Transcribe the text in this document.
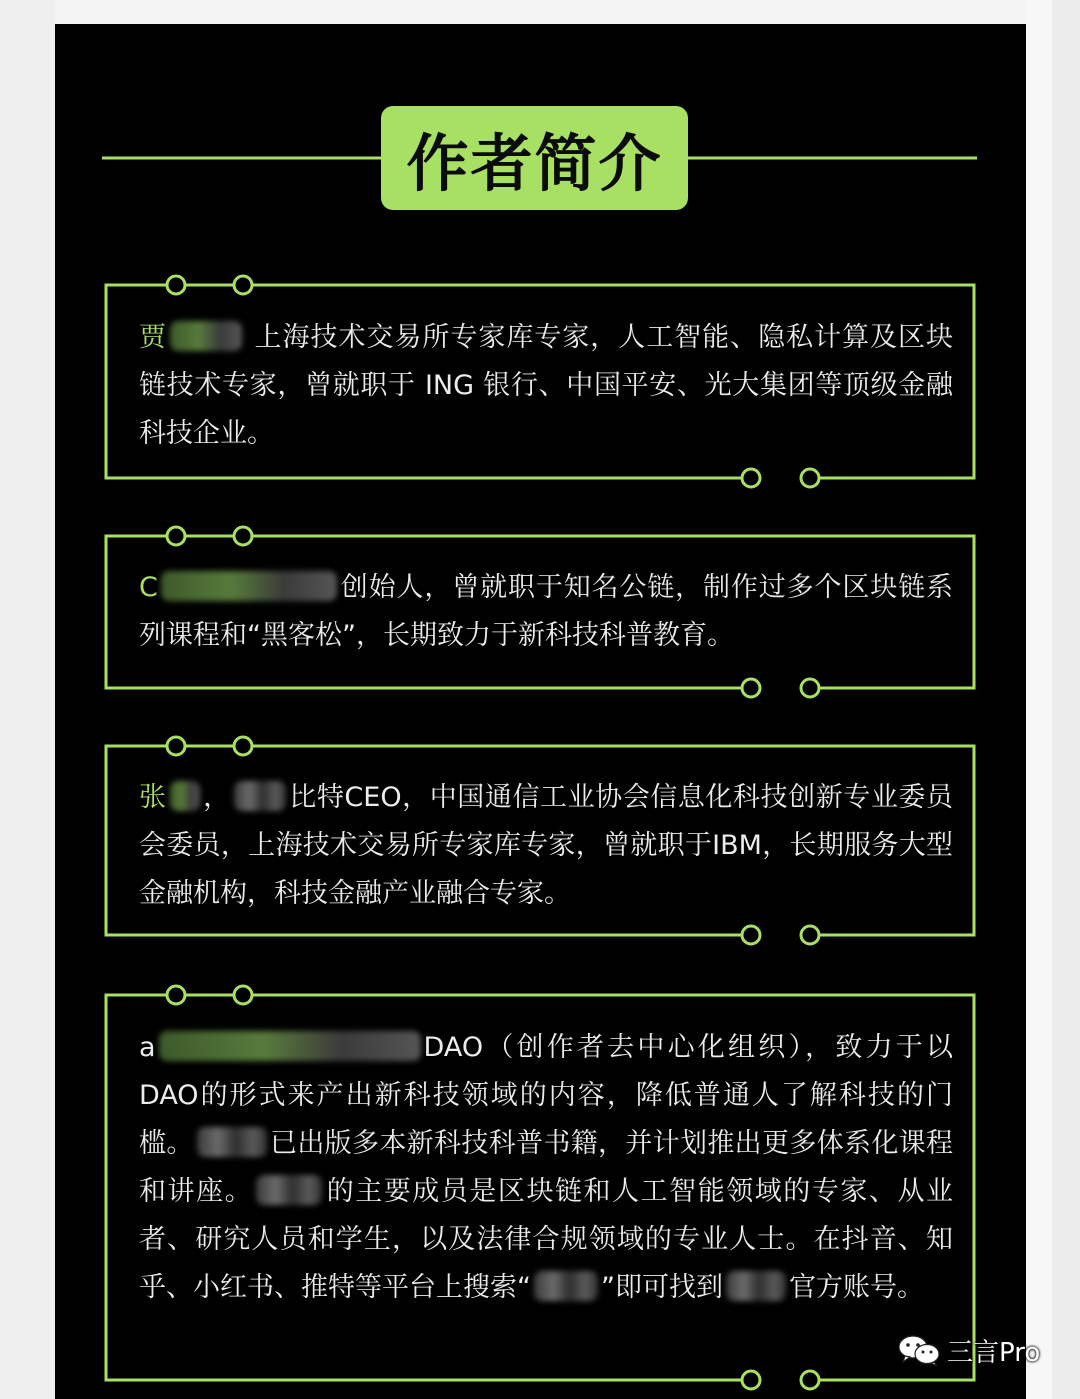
作者简介

贾	上海技术交易所专家库专家，人工智能、隐私计算及区块链技术专家，曾就职于 ING 银行、中国平安、光大集团等顶级金融科技企业。

C	创始人，曾就职于知名公链，制作过多个区块链系列课程和“黑客松”，长期致力于新科技科普教育。

张 ， 比特CEO，中国通信工业协会信息化科技创新专业委员会委员，上海技术交易所专家库专家，曾就职于IBM，长期服务大型金融机构，科技金融产业融合专家。

a	DAO（创作者去中心化组织），致力于以DAO的形式来产出新科技领域的内容，降低普通人了解科技的门槛。	已出版多本新科技科普书籍，并计划推出更多体系化课程和讲座。	的主要成员是区块链和人工智能领域的专家、从业者、研究人员和学生，以及法律合规领域的专业人士。在抖音、知乎、小红书、推特等平台上搜索“	”即可找到 官方账号。

三言Pro
